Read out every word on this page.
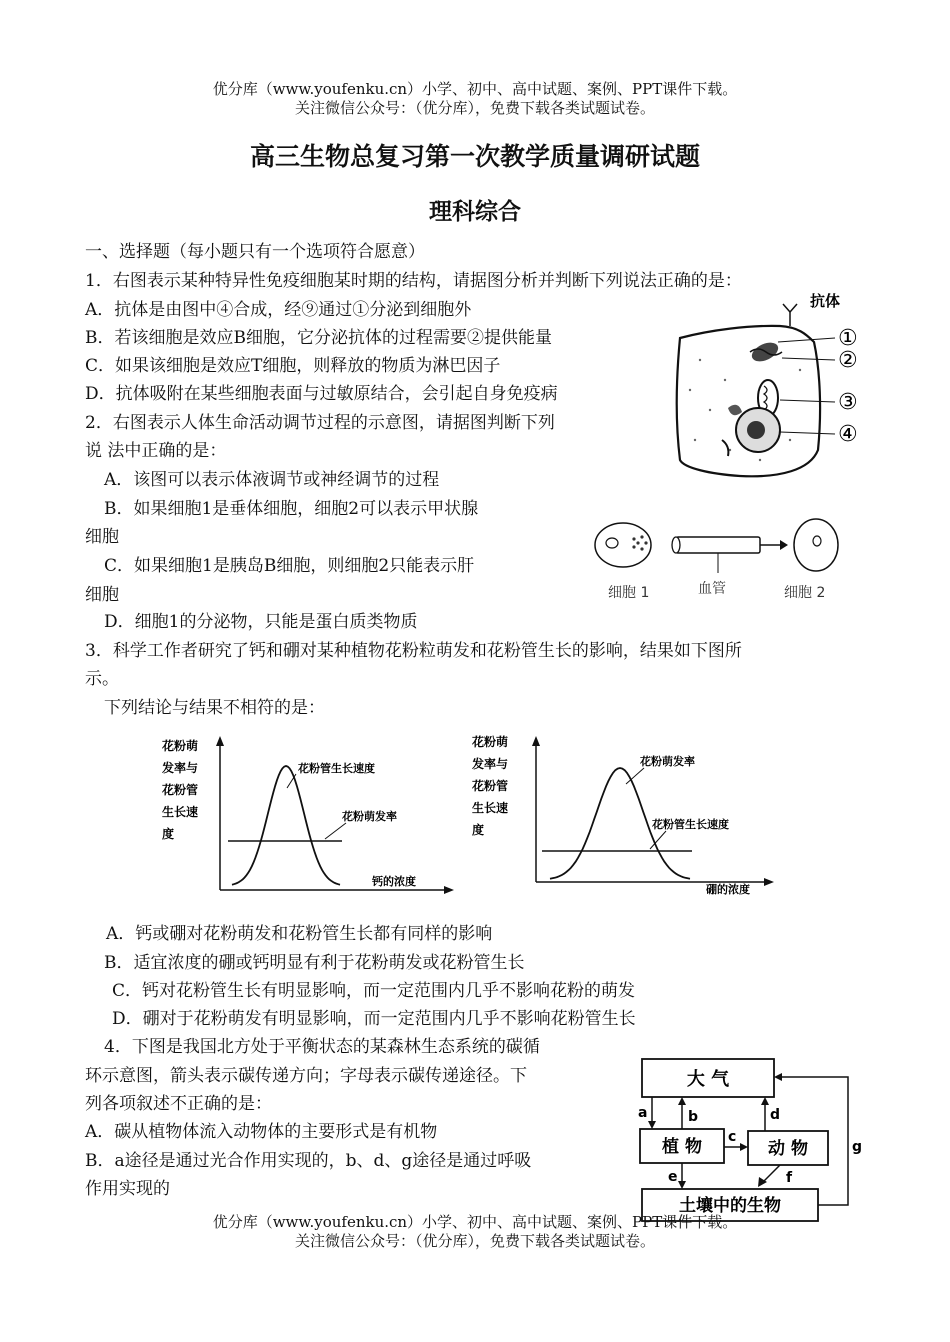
优分库（www.youfenku.cn）小学、初中、高中试题、案例、PPT课件下载。
关注微信公众号：（优分库），免费下载各类试题试卷。
高三生物总复习第一次教学质量调研试题
理科综合
一、选择题（每小题只有一个选项符合愿意）
1．右图表示某种特异性免疫细胞某时期的结构，请据图分析并判断下列说法正确的是：
A．抗体是由图中④合成，经⑨通过①分泌到细胞外
B．若该细胞是效应B细胞，它分泌抗体的过程需要②提供能量
C．如果该细胞是效应T细胞，则释放的物质为淋巴因子
D．抗体吸附在某些细胞表面与过敏原结合，会引起自身免疫病
抗体
①
②
③
④
2．右图表示人体生命活动调节过程的示意图，请据图判断下列
说 法中正确的是：
A．该图可以表示体液调节或神经调节的过程
B．如果细胞1是垂体细胞，细胞2可以表示甲状腺
细胞
C．如果细胞1是胰岛B细胞，则细胞2只能表示肝
细胞
D．细胞1的分泌物，只能是蛋白质类物质
细胞 1	血管	细胞 2
3．科学工作者研究了钙和硼对某种植物花粉粒萌发和花粉管生长的影响，结果如下图所
示。
下列结论与结果不相符的是：
花粉萌
发率与
花粉管
生长速
度
花粉管生长速度
花粉萌发率
钙的浓度
花粉萌
发率与
花粉管
生长速
度
花粉萌发率
花粉管生长速度
硼的浓度
A．钙或硼对花粉萌发和花粉管生长都有同样的影响
B．适宜浓度的硼或钙明显有利于花粉萌发或花粉管生长
C．钙对花粉管生长有明显影响，而一定范围内几乎不影响花粉的萌发
D．硼对于花粉萌发有明显影响，而一定范围内几乎不影响花粉管生长
4．下图是我国北方处于平衡状态的某森林生态系统的碳循
环示意图，箭头表示碳传递方向；字母表示碳传递途径。下
列各项叙述不正确的是：
A．碳从植物体流入动物体的主要形式是有机物
B．a途径是通过光合作用实现的，b、d、g途径是通过呼吸
作用实现的
大 气
植 物	动 物
土壤中的生物
a	b
c
d
e	f
g
优分库（www.youfenku.cn）小学、初中、高中试题、案例、PPT课件下载。
关注微信公众号：（优分库），免费下载各类试题试卷。
